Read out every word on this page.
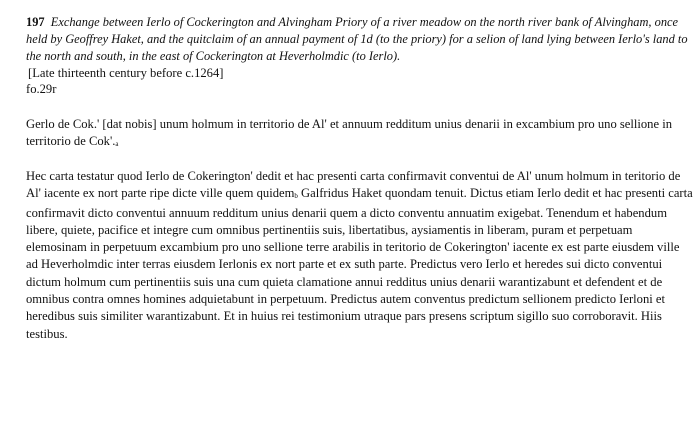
197 Exchange between Ierlo of Cockerington and Alvingham Priory of a river meadow on the north river bank of Alvingham, once held by Geoffrey Haket, and the quitclaim of an annual payment of 1d (to the priory) for a selion of land lying between Ierlo's land to the north and south, in the east of Cockerington at Heverholmdic (to Ierlo).

[Late thirteenth century before c.1264]

fo.29r

Gerlo de Cok.' [dat nobis] unum holmum in territorio de Al' et annuum redditum unius denarii in excambium pro uno sellione in territorio de Cok'.a

Hec carta testatur quod Ierlo de Cokerington' dedit et hac presenti carta confirmavit conventui de Al' unum holmum in teritorio de Al' iacente ex nort parte ripe dicte ville quem quidemb Galfridus Haket quondam tenuit. Dictus etiam Ierlo dedit et hac presenti carta confirmavit dicto conventui annuum redditum unius denarii quem a dicto conventu annuatim exigebat. Tenendum et habendum libere, quiete, pacifice et integre cum omnibus pertinentiis suis, libertatibus, aysiamentis in liberam, puram et perpetuam elemosinam in perpetuum excambium pro uno sellione terre arabilis in teritorio de Cokerington' iacente ex est parte eiusdem ville ad Heverholmdic inter terras eiusdem Ierlonis ex nort parte et ex suth parte. Predictus vero Ierlo et heredes sui dicto conventui dictum holmum cum pertinentiis suis una cum quieta clamatione annui redditus unius denarii warantizabunt et defendent et de omnibus contra omnes homines adquietabunt in perpetuum. Predictus autem conventus predictum sellionem predicto Ierloni et heredibus suis similiter warantizabunt. Et in huius rei testimonium utraque pars presens scriptum sigillo suo corroboravit. Hiis testibus.
